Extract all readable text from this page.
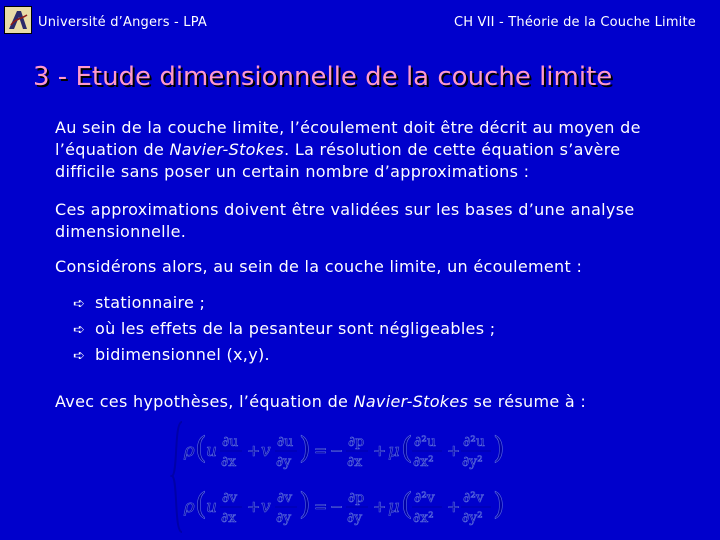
Université d’Angers - LPA	CH VII - Théorie de la Couche Limite
3 - Etude dimensionnelle de la couche limite
Au sein de la couche limite, l’écoulement doit être décrit au moyen de l’équation de Navier-Stokes. La résolution de cette équation s’avère difficile sans poser un certain nombre d’approximations :
Ces approximations doivent être validées sur les bases d’une analyse dimensionnelle.
Considérons alors, au sein de la couche limite, un écoulement :
➪ stationnaire ;
➪ où les effets de la pesanteur sont négligeables ;
➪ bidimensionnel (x,y).
Avec ces hypothèses, l’équation de Navier-Stokes se résume à :
ρ ( u ∂u
∂x
+ v ∂u
∂y ) = − ∂p
∂x
+ μ ( ∂²u
∂x²
+ ∂²u
∂y² )
ρ ( u ∂v
∂x
+ v ∂v
∂y ) = − ∂p
∂y
+ μ ( ∂²v
∂x²
+ ∂²v
∂y² )
